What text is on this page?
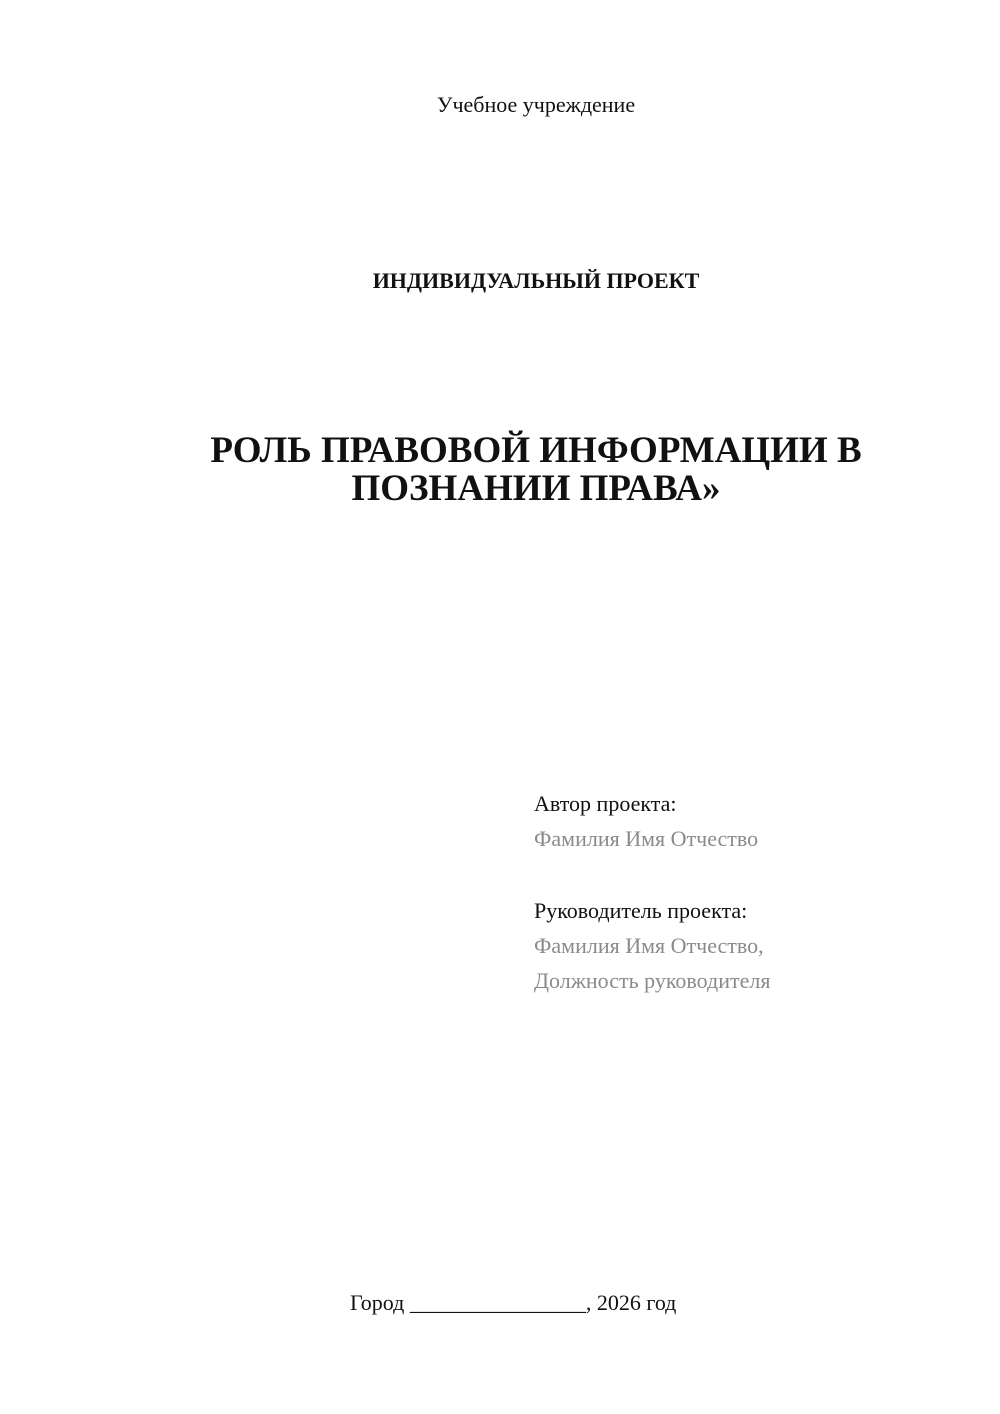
Учебное учреждение
ИНДИВИДУАЛЬНЫЙ ПРОЕКТ
РОЛЬ ПРАВОВОЙ ИНФОРМАЦИИ В
ПОЗНАНИИ ПРАВА»
Автор проекта:
Фамилия Имя Отчество
Руководитель проекта:
Фамилия Имя Отчество,
Должность руководителя
Город ________________, 2026 год
